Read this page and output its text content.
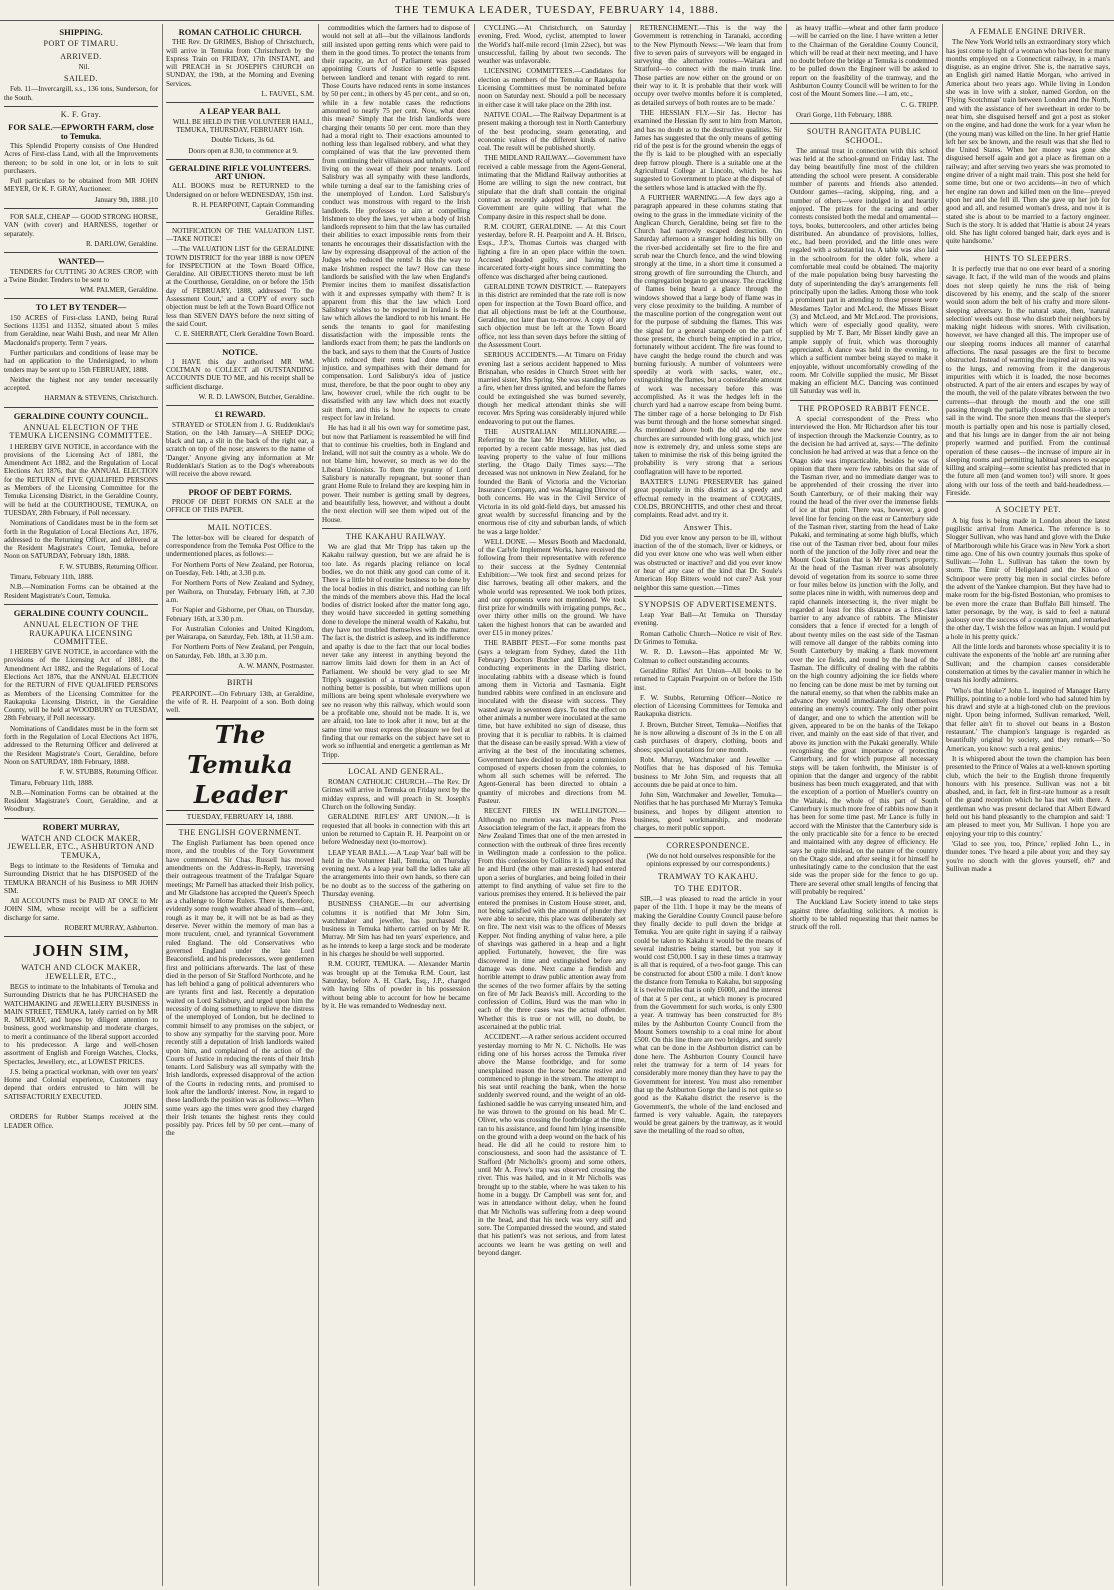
THE TEMUKA LEADER, TUESDAY, FEBRUARY 14, 1888.
SHIPPING.
PORT OF TIMARU.
ARRIVED.

Nil.

SAILED.

Feb. 11—Invercargill, s.s., 136 tons, Sunderson, for the South.

K. F. Gray.
FOR SALE.—EPWORTH FARM, close to Temuka.

This Splendid Property consists of One Hundred Acres of First-class Land, with all the Improvements thereon; to be sold in one lot, or in lots to suit purchasers.

Full particulars to be obtained from MR JOHN MEYER, Or K. F. GRAY, Auctioneer.

January 9th, 1888. j10

FOR SALE, CHEAP — GOOD STRONG HORSE, VAN (with cover) and HARNESS, together or separately.

R. DARLOW, Geraldine.

WANTED—

TENDERS for CUTTING 30 ACRES CROP, with a Twine Binder. Tenders to be sent to

WM. PALMER, Geraldine.

TO LET BY TENDER—

150 ACRES of First-class LAND, being Rural Sections 11351 and 11352, situated about 5 miles from Geraldine, near Waihi Bush, and near Mr Allen Macdonald's property. Term 7 years.

Further particulars and conditions of lease may be had on application to the Undersigned, to whom tenders may be sent up to 15th FEBRUARY, 1888.

Neither the highest nor any tender necessarily accepted.

HARMAN & STEVENS, Christchurch.

GERALDINE COUNTY COUNCIL.
ANNUAL ELECTION OF THE TEMUKA LICENSING COMMITTEE.

I HEREBY GIVE NOTICE, in accordance with the provisions of the Licensing Act of 1881, the Amendment Act 1882, and the Regulation of Local Elections Act 1876, that the ANNUAL ELECTION for the RETURN of FIVE QUALIFIED PERSONS as Members of the Licensing Committee for the Temuka Licensing District, in the Geraldine County, will be held at the COURTHOUSE, TEMUKA, on TUESDAY, 28th February, if Poll necessary.

Nominations of Candidates must be in the form set forth in the Regulation of Local Elections Act, 1876, addressed to the Returning Officer, and delivered at the Resident Magistrate's Court, Temuka, before Noon on SATURDAY, February 18th, 1888.

F. W. STUBBS, Returning Officer.

Timaru, February 11th, 1888.

N.B.—Nomination Forms can be obtained at the Resident Magistrate's Court, Temuka.

GERALDINE COUNTY COUNCIL.
ANNUAL ELECTION OF THE RAUKAPUKA LICENSING COMMITTEE.

I HEREBY GIVE NOTICE, in accordance with the provisions of the Licensing Act of 1881, the Amendment Act 1882, and the Regulations of Local Elections Act 1876, that the ANNUAL ELECTION for the RETURN of FIVE QUALIFIED PERSONS as Members of the Licensing Committee for the Raukapuka Licensing District, in the Geraldine County, will be held at WOODBURY on TUESDAY, 28th February, if Poll necessary.

Nominations of Candidates must be in the form set forth in the Regulation of Local Elections Act 1876, addressed to the Returning Officer and delivered at the Resident Magistrate's Court, Geraldine, before Noon on SATURDAY, 18th February, 1888.

F. W. STUBBS, Returning Officer.

Timaru, February 11th, 1888.

N.B.—Nomination Forms can be obtained at the Resident Magistrate's Court, Geraldine, and at Woodbury.

ROBERT MURRAY,
WATCH AND CLOCK MAKER, JEWELLER, ETC., ASHBURTON AND TEMUKA,

Begs to intimate to the Residents of Temuka and Surrounding District that he has DISPOSED of the TEMUKA BRANCH of his Business to MR JOHN SIM.

All ACCOUNTS must be PAID AT ONCE to Mr JOHN SIM, whose receipt will be a sufficient discharge for same.

ROBERT MURRAY, Ashburton.

JOHN SIM,
WATCH AND CLOCK MAKER, JEWELLER, ETC.,

BEGS to intimate to the Inhabitants of Temuka and Surrounding Districts that he has PURCHASED the WATCHMAKING and JEWELLERY BUSINESS in MAIN STREET, TEMUKA, lately carried on by MR R. MURRAY, and hopes by diligent attention to business, good workmanship and moderate charges, to merit a continuance of the liberal support accorded to his predecessor. A large and well-chosen assortment of English and Foreign Watches, Clocks, Spectacles, Jewellery, etc., at LOWEST PRICES.

J.S. being a practical workman, with over ten years' Home and Colonial experience, Customers may depend that orders entrusted to him will be SATISFACTORILY EXECUTED.

JOHN SIM.

ORDERS for Rubber Stamps received at the LEADER Office.

ROMAN CATHOLIC CHURCH.

THE Rev. Dr GRIMES, Bishop of Christchurch, will arrive in Temuka from Christchurch by the Express Train on FRIDAY, 17th INSTANT, and will PREACH in St JOSEPH'S CHURCH on SUNDAY, the 19th, at the Morning and Evening Services.

L. FAUVEL, S.M.

A LEAP YEAR BALL

WILL BE HELD IN THE VOLUNTEER HALL, TEMUKA, THURSDAY, FEBRUARY 16th.

Double Tickets, 3s 6d.

Doors open at 8.30, to commence at 9.

GERALDINE RIFLE VOLUNTEERS. ART UNION.

ALL BOOKS must be RETURNED to the Undersigned on or before WEDNESDAY, 15th inst.

R. H. PEARPOINT, Captain Commanding Geraldine Rifles.

NOTIFICATION OF THE VALUATION LIST.—TAKE NOTICE!

—The VALUATION LIST for the GERALDINE TOWN DISTRICT for the year 1888 is now OPEN for INSPECTION at the Town Board Office, Geraldine. All OBJECTIONS thereto must be left at the Courthouse, Geraldine, on or before the 15th day of FEBRUARY, 1888, addressed 'To the Assessment Court,' and a COPY of every such objection must be left at the Town Board Office not less than SEVEN DAYS before the next sitting of the said Court.

C. E. SHERRATT, Clerk Geraldine Town Board.

NOTICE.

I HAVE this day authorised MR WM. COLTMAN to COLLECT all OUTSTANDING ACCOUNTS DUE TO ME, and his receipt shall be sufficient discharge.

W. R. D. LAWSON, Butcher, Geraldine.

£1 REWARD.

STRAYED or STOLEN from J. G. Ruddenklau's Station, on the 14th January—A SHEEP DOG; black and tan, a slit in the back of the right ear, a scratch on top of the nose; answers to the name of 'Danger.' Anyone giving any information at Mr Ruddenklau's Station as to the Dog's whereabouts will receive the above reward.

PROOF OF DEBT FORMS.

PROOF OF DEBT FORMS ON SALE at the OFFICE OF THIS PAPER.

MAIL NOTICES.

The letter-box will be cleared for despatch of correspondence from the Temuka Post Office to the undermentioned places, as follows:—

For Northern Ports of New Zealand, per Rotorua, on Tuesday, Feb. 14th, at 3.30 p.m.

For Northern Ports of New Zealand and Sydney, per Waihora, on Thursday, February 16th, at 7.30 a.m.

For Napier and Gisborne, per Ohau, on Thursday, February 16th, at 3.30 p.m.

For Australian Colonies and United Kingdom, per Wairarapa, on Saturday, Feb. 18th, at 11.50 a.m.

For Northern Ports of New Zealand, per Penguin, on Saturday, Feb. 18th, at 3.30 p.m.

A. W. MANN, Postmaster.

BIRTH

PEARPOINT.—On February 13th, at Geraldine, the wife of R. H. Pearpoint of a son. Both doing well.

The Temuka Leader
TUESDAY, FEBRUARY 14, 1888.
THE ENGLISH GOVERNMENT.

The English Parliament has been opened once more, and the troubles of the Tory Government have commenced. Sir Chas. Russell has moved amendments on the Address-in-Reply, traversing their outrageous treatment of the Trafalgar Square meetings; Mr Parnell has attacked their Irish policy, and Mr Gladstone has accepted the Queen's Speech as a challenge to Home Rulers. There is, therefore, evidently some rough weather ahead of them—and, rough as it may be, it will not be as bad as they deserve. Never within the memory of man has a more truculent, cruel, and tyrannical Government ruled England. The old Conservatives who governed England under the late Lord Beaconsfield, and his predecessors, were gentlemen first and politicians afterwards. The last of these died in the person of Sir Stafford Northcote, and he has left behind a gang of political adventurers who are tyrants first and last. Recently a deputation waited on Lord Salisbury, and urged upon him the necessity of doing something to relieve the distress of the unemployed of London, but he declined to commit himself to any promises on the subject, or to show any sympathy for the starving poor. More recently still a deputation of Irish landlords waited upon him, and complained of the action of the Courts of Justice in reducing the rents of their Irish tenants. Lord Salisbury was all sympathy with the Irish landlords, expressed disapproval of the action of the Courts in reducing rents, and promised to look after the landlords' interest. Now, in regard to these landlords the position was as follows:—When some years ago the times were good they charged their Irish tenants the highest rents they could possibly pay. Prices fell by 50 per cent.—many of the

commodities which the farmers had to dispose of would not sell at all—but the villainous landlords still insisted upon getting rents which were paid to them in the good times. To protect the tenants from their rapacity, an Act of Parliament was passed appointing Courts of Justice to settle disputes between landlord and tenant with regard to rent. Those Courts have reduced rents in some instances by 50 per cent.; in others by 45 per cent., and so on, while in a few notable cases the reductions amounted to nearly 75 per cent. Now, what does this mean? Simply that the Irish landlords were charging their tenants 50 per cent. more than they had a moral right to. Their exactions amounted to nothing less than legalised robbery, and what they complained of was that the law prevented them from continuing their villainous and unholy work of living on the sweat of their poor tenants. Lord Salisbury was all sympathy with these landlords, while turning a deaf ear to the famishing cries of the unemployed of London. Lord Salisbury's conduct was monstrous with regard to the Irish landlords. He professes to aim at compelling Irishmen to obey the laws, yet when a body of Irish landlords represent to him that the law has curtailed their abilities to exact impossible rents from their tenants he encourages their dissatisfaction with the law by expressing disapproval of the action of the Judges who reduced the rents! Is this the way to make Irishmen respect the law? How can these landlords be satisfied with the law when England's Premier incites them to manifest dissatisfaction with it and expresses sympathy with them? It is apparent from this that the law which Lord Salisbury wishes to be respected in Ireland is the law which allows the landlord to rob his tenant. He sends the tenants to gaol for manifesting dissatisfaction with the impossible rents the landlords exact from them; he pats the landlords on the back, and says to them that the Courts of Justice which reduced their rents had done them an injustice, and sympathises with their demand for compensation. Lord Salisbury's idea of justice must, therefore, be that the poor ought to obey any law, however cruel, while the rich ought to be dissatisfied with any law which does not exactly suit them, and this is how he expects to create respect for law in Ireland.

He has had it all his own way for sometime past, but now that Parliament is reassembled he will find that to continue his cruelties, both in England and Ireland, will not suit the country as a whole. We do not blame him, however, so much as we do the Liberal Unionists. To them the tyranny of Lord Salisbury is naturally repugnant, but sooner than grant Home Rule to Ireland they are keeping him in power. Their number is getting small by degrees, and beautifully less, however, and without a doubt the next election will see them wiped out of the House.

THE KAKAHU RAILWAY.

We are glad that Mr Tripp has taken up the Kakahu railway question, but we are afraid he is too late. As regards placing reliance on local bodies, we do not think any good can come of it. There is a little bit of routine business to be done by the local bodies in this district, and nothing can lift the minds of the members above this. Had the local bodies of district looked after the matter long ago, they would have succeeded in getting something done to develope the mineral wealth of Kakahu, but they have not troubled themselves with the matter. The fact is, the district is asleep, and its indifference and apathy is due to the fact that our local bodies never take any interest in anything beyond the narrow limits laid down for them in an Act of Parliament. We should be very glad to see Mr Tripp's suggestion of a tramway carried out if nothing better is possible, but when millions upon millions are being spent wholesale everywhere we see no reason why this railway, which would soon be a profitable one, should not be made. It is, we are afraid, too late to look after it now, but at the same time we must express the pleasure we feel at finding that our remarks on the subject have set to work so influential and energetic a gentleman as Mr Tripp.

LOCAL AND GENERAL.

ROMAN CATHOLIC CHURCH.—The Rev. Dr Grimes will arrive in Temuka on Friday next by the midday express, and will preach in St. Joseph's Church on the following Sunday.

GERALDINE RIFLES' ART UNION.—It is requested that all books in connection with this art union be returned to Captain R. H. Pearpoint on or before Wednesday next (to-morrow).

LEAP YEAR BALL.—A 'Leap Year' ball will be held in the Volunteer Hall, Temuka, on Thursday evening next. As a leap year ball the ladies take all the arrangements into their own hands, so there can be no doubt as to the success of the gathering on Thursday evening.

BUSINESS CHANGE.—In our advertising columns it is notified that Mr John Sim, watchmaker and jeweller, has purchased the business in Temuka hitherto carried on by Mr R. Murray. Mr Sim has had ten years' experience, and as he intends to keep a large stock and be moderate in his charges he should be well supported.

R.M. COURT, TEMUKA. — Alexander Martin was brought up at the Temuka R.M. Court, last Saturday, before A. H. Clark, Esq., J.P., charged with having 5lbs of powder in his possession without being able to account for how he became by it. He was remanded to Wednesday next.

CYCLING.—At Christchurch, on Saturday evening, Fred. Wood, cyclist, attempted to lower the World's half-mile record (1min 22sec), but was unsuccessful, failing by about two seconds. The weather was unfavorable.

LICENSING COMMITTEES.—Candidates for election as members of the Temuka or Raukapuka Licensing Committees must be nominated before noon on Saturday next. Should a poll be necessary in either case it will take place on the 28th inst.

NATIVE COAL.—The Railway Department is at present making a thorough test in North Canterbury of the best producing, steam generating, and economic values of the different kinds of native coal. The result will be published shortly.

THE MIDLAND RAILWAY.—Government have received a cable message from the Agent-General, intimating that the Midland Railway authorities at Home are willing to sign the new contract, but stipulate that the draft shall contain the original contract as recently adopted by Parliament. The Government are quite willing that what the Company desire in this respect shall be done.

R.M. COURT, GERALDINE. — At this Court yesterday, before R. H. Pearpoint and A. H. Brisco, Esqs., J.P.'s, Thomas Curtois was charged with lighting a fire in an open place within the town. Accused pleaded guilty, and having been incarcerated forty-eight hours since committing the offence was discharged after being cautioned.

GERALDINE TOWN DISTRICT. — Ratepayers in this district are reminded that the rate roll is now open for inspection at the Town Board office, and that all objections must be left at the Courthouse, Geraldine, not later than to-morrow. A copy of any such objection must be left at the Town Board office, not less than seven days before the sitting of the Assessment Court.

SERIOUS ACCIDENTS.—At Timaru on Friday evening last a serious accident happened to Miss Brisnahan, who resides in Church Street with her married sister, Mrs Spring. She was standing before a fire, when her dress ignited, and before the flames could be extinguished she was burned severely, though her medical attendant thinks she will recover. Mrs Spring was considerably injured while endeavoring to put out the flames.

THE AUSTRALIAN MILLIONAIRE.—Referring to the late Mr Henry Miller, who, as reported by a recent cable message, has just died leaving property to the value of four millions sterling, the Otago Daily Times says:—'The deceased was not unknown in New Zealand, for he founded the Bank of Victoria and the Victorian Insurance Company, and was Managing Director of both concerns. He was in the Civil Service of Victoria in its old gold-field days, but amassed his great wealth by successful financing and by the enormous rise of city and suburban lands, of which he was a large holder.'

WELL DONE. — Messrs Booth and Macdonald, of the Carlyle Implement Works, have received the following from their representative with reference to their success at the Sydney Centennial Exhibition:—'We took first and second prizes for disc harrows, beating all other makers, and the whole world was represented. We took both prizes, and our opponents were not mentioned. We took first prize for windmills with irrigating pumps, &c., over thirty other mills on the ground. We have taken the highest honors that can be awarded and over £15 in money prizes.'

THE RABBIT PEST.—For some months past (says a telegram from Sydney, dated the 11th February) Doctors Butcher and Ellis have been conducting experiments in the Darling district, inoculating rabbits with a disease which is found among them in Victoria and Tasmania. Eight hundred rabbits were confined in an enclosure and inoculated with the disease with success. They wasted away in seventeen days. To test the effect on other animals a number were inoculated at the same time, but have exhibited no sign of disease, thus proving that it is peculiar to rabbits. It is claimed that the disease can be easily spread. With a view of arriving at the best of the inoculating schemes, Government have decided to appoint a commission composed of experts chosen from the colonies, to whom all such schemes will be referred. The Agent-General has been directed to obtain a quantity of microbes and directions from M. Pasteur.

RECENT FIRES IN WELLINGTON.— Although no mention was made in the Press Association telegram of the fact, it appears from the New Zealand Times that one of the men arrested in connection with the outbreak of three fires recently in Wellington made a confession to the police. From this confession by Collins it is supposed that he and Hurd (the other man arrested) had entered upon a series of burglaries, and being foiled in their attempt to find anything of value set fire to the various premises they entered. It is believed the pair entered the premises in Custom House street, and, not being satisfied with the amount of plunder they were able to secure, this place was deliberately set on fire. The next visit was to the offices of Messrs Kepper. Not finding anything of value here, a pile of shavings was gathered in a heap and a light applied. Fortunately, however, the fire was discovered in time and extinguished before any damage was done. Next came a fiendish and horrible attempt to draw public attention away from the scenes of the two former affairs by the setting on fire of Mr Jack Beavis's mill. According to the confession of Collins, Hurd was the man who in each of the three cases was the actual offender. Whether this is true or not will, no doubt, be ascertained at the public trial.

ACCIDENT.—A rather serious accident occurred yesterday morning to Mr N. C. Nicholls. He was riding one of his horses across the Temuka river above the Manse footbridge, and for some unexplained reason the horse became restive and commenced to plunge in the stream. The attempt to his seat until reaching the bank, when the horse suddenly swerved round, and the weight of an old-fashioned saddle he was carrying unseated him, and he was thrown to the ground on his head. Mr C. Oliver, who was crossing the footbridge at the time, ran to his assistance, and found him lying insensible on the ground with a deep wound on the back of his head. He did all he could to restore him to consciousness, and soon had the assistance of T. Stafford (Mr Nicholls's groom) and some others, until Mr A. Frew's trap was observed crossing the river. This was hailed, and in it Mr Nicholls was brought up to the stable, where he was taken to his home in a buggy. Dr Campbell was sent for, and was in attendance without delay, when he found that Mr Nicholls was suffering from a deep wound in the head, and that his neck was very stiff and sore. The Companied dressed the wound, and stated that his patient's was not serious, and from latest accounts we learn he was getting on well and beyond danger.

RETRENCHMENT.—This is the way the Government is retrenching in Taranaki, according to the New Plymouth News:—'We learn that from five to seven pairs of surveyors will be engaged in surveying the alternative routes—Waitara and Stratford—to connect with the main trunk line. Those parties are now either on the ground or on their way to it. It is probable that their work will occupy over twelve months before it is completed, as detailed surveys of both routes are to be made.'

THE HESSIAN FLY.—Sir Jas. Hector has examined the Hessian fly sent to him from Marton, and has no doubt as to the destructive qualities. Sir James has suggested that the only means of getting rid of the pest is for the ground wherein the eggs of the fly is laid to be ploughed with an especially deep furrow plough. There is a suitable one at the Agricultural College at Lincoln, which he has suggested to Government to place at the disposal of the settlers whose land is attacked with the fly.

A FURTHER WARNING.—A few days ago a paragraph appeared in these columns stating that owing to the grass in the immediate vicinity of the Anglican Church, Geraldine, being set fire to the Church had narrowly escaped destruction. On Saturday afternoon a stranger holding his billy on the river-bed accidentally set fire to the fire and scrub near the Church fence, and the wind blowing strongly at the time, in a short time it consumed a strong growth of fire surrounding the Church, and the congregation began to get uneasy. The crackling of flames being heard a glance through the windows showed that a large body of flame was in very close proximity to the building. A number of the masculine portion of the congregation went out for the purpose of subduing the flames. This was the signal for a general stampede on the part of those present, the church being emptied in a trice, fortunately without accident. The fire was found to have caught the hedge round the church and was burning furiously. A number of volunteers were speedily at work with sacks, water, etc., extinguishing the flames, but a considerable amount of work was necessary before this was accomplished. As it was the hedges left in the church yard had a narrow escape from being burnt. The timber rage of a horse belonging to Dr Fish was burnt through and the horse somewhat singed. As mentioned above both the old and the new churches are surrounded with long grass, which just now is extremely dry, and unless some steps are taken to minimise the risk of this being ignited the probability is very strong that a serious conflagration will have to be reported.

BAXTER'S LUNG PRESERVER has gained great popularity in this district as a speedy and effectual remedy in the treatment of COUGHS, COLDS, BRONCHITIS, and other chest and throat complaints. Read advt. and try it.

Answer This.

Did you ever know any person to be ill, without inaction of the of the stomach, liver or kidneys, or did you ever know one who was well when either was obstructed or inactive? and did you ever know or hear of any case of the kind that Dr. Soule's American Hop Bitters would not cure? Ask your neighbor this same question.—Times

SYNOPSIS OF ADVERTISEMENTS.

Leap Year Ball—At Temuka on Thursday evening.

Roman Catholic Church—Notice re visit of Rev. Dr Grimes to Temuka.

W. R. D. Lawson—Has appointed Mr W. Coltman to collect outstanding accounts.

Geraldine Rifles' Art Union—All books to be returned to Captain Pearpoint on or before the 15th inst.

F. W. Stubbs, Returning Officer—Notice re election of Licensing Committees for Temuka and Raukapuka districts.

J. Brown, Butcher Street, Temuka—Notifies that he is now allowing a discount of 3s in the £ on all cash purchases of drapery, clothing, boots and shoes; special quotations for one month.

Robt. Murray, Watchmaker and Jeweller —Notifies that he has disposed of his Temuka business to Mr John Sim, and requests that all accounts due be paid at once to him.

John Sim, Watchmaker and Jeweller, Temuka—Notifies that he has purchased Mr Murray's Temuka business, and hopes by diligent attention to business, good workmanship, and moderate charges, to merit public support.

CORRESPONDENCE.

(We do not hold ourselves responsible for the opinions expressed by our correspondents.)

TRAMWAY TO KAKAHU.
TO THE EDITOR.

SIR,—I was pleased to read the article in your paper of the 11th. I hope it may be the means of making the Geraldine County Council pause before they finally decide to pull down the bridge at Temuka. You are quite right in saying if a railway could be taken to Kakahu it would be the means of several industries being started, but you say it would cost £50,000. I say in these times a tramway is all that is required, of a two-foot gauge. This can be constructed for about £500 a mile. I don't know the distance from Temuka to Kakahu, but supposing it is twelve miles that is only £6000, and the interest of that at 5 per cent., at which money is procured from the Government for such works, is only £300 a year. A tramway has been constructed for 8½ miles by the Ashburton County Council from the Mount Somers township to a coal mine for about £500. On this line there are two bridges, and surely what can be done in the Ashburton district can be done here. The Ashburton County Council have relet the tramway for a term of 14 years for considerably more money than they have to pay the Government for interest. You must also remember that up the Ashburton Gorge the land is not quite so good as the Kakahu district the reserve is the Government's, the whole of the land enclosed and farmed is very valuable. Again, the ratepayers would be great gainers by the tramway, as it would save the metalling of the road so often,

as heavy traffic—wheat and other farm produce—will be carried on the line. I have written a letter to the Chairman of the Geraldine County Council, which will be read at their next meeting, and I have no doubt before the bridge at Temuka is condemned to be pulled down the Engineer will be asked to report on the feasibility of the tramway, and the Ashburton County Council will be written to for the cost of the Mount Somers line.—I am, etc.,

C. G. TRIPP.

Orari Gorge, 11th February, 1888.

SOUTH RANGITATA PUBLIC SCHOOL.

The annual treat in connection with this school was held at the school-ground on Friday last. The day being beautifully fine most of the children attending the school were present. A considerable number of parents and friends also attended. Outdoor games—racing, skipping, ring, and a number of others—were indulged in and heartily enjoyed. The prizes for the racing and other contests consisted both the medal and ornamental—toys, books, buttercoolers, and other articles being distributed. An abundance of provisions, lollies, etc., had been provided, and the little ones were regaled with a substantial tea. A table was also laid in the schoolroom for the older folk, where a comfortable meal could be obtained. The majority of the male population being busy harvesting the duty of superintending the day's arrangements fell principally upon the ladies. Among those who took a prominent part in attending to those present were Mesdames Taylor and McLeod, the Misses Bisset (3) and McLeod, and Mr McLeod. The provisions, which were of especially good quality, were supplied by Mr T. Barr, Mr Bisset kindly gave an ample supply of fruit, which was thoroughly appreciated. A dance was held in the evening, to which a sufficient number being stayed to make it enjoyable, without uncomfortably crowding of the room. Mr Colville supplied the music, Mr Bisset making an efficient M.C. Dancing was continued till Saturday was well in.

THE PROPOSED RABBIT FENCE.

A special correspondent of the Press who interviewed the Hon. Mr Richardson after his tour of inspection through the Mackenzie Country, as to the decision he had arrived at, says:—'The definite conclusion he had arrived at was that a fence on the Otago side was impracticable, besides he was of opinion that there were few rabbits on that side of the Tasman river, and no immediate danger was to be apprehended of their crossing the river into South Canterbury, or of their making their way round the head of the river over the immense fields of ice at that point. There was, however, a good level line for fencing on the east or Canterbury side of the Tasman river, starting from the head of Lake Pukaki, and terminating at some high bluffs, which rise out of the Tasman river bed, about four miles north of the junction of the Jolly river and near the Mount Cook Station that is Mr Burnett's property. At the head of the Tasman river was absolutely devoid of vegetation from its source to some three or four miles below its junction with the Jolly, and some places nine in width, with numerous deep and rapid channels intersecting it, the river might be regarded at least for this distance as a first-class barrier to any advance of rabbits. The Minister considers that a fence if erected for a length of about twenty miles on the east side of the Tasman will remove all danger of the rabbits coming into South Canterbury by making a flank movement over the ice fields, and round by the head of the Tasman. The difficulty of dealing with the rabbits on the high country adjoining the ice fields where no fencing can be done must be met by turning out the natural enemy, so that when the rabbits make an advance they would immediately find themselves entering an enemy's country. The only other point of danger, and one to which the attention will be given, appeared to be on the banks of the Tekapo river, and mainly on the east side of that river, and above its junction with the Pukaki generally. While recognising the great importance of protecting Canterbury, and for which purpose all necessary steps will be taken forthwith, the Minister is of opinion that the danger and urgency of the rabbit business has been much exaggerated, and that with the exception of a portion of Mueller's country on the Waitaki, the whole of this part of South Canterbury is much more free of rabbits now than it has been for some time past. Mr Lance is fully in accord with the Minister that the Canterbury side is the only practicable site for a fence to be erected and maintained with any degree of efficiency. He says he quite mislead, on the nature of the country on the Otago side, and after seeing it for himself he unhesitatingly came to the conclusion that the east side was the proper side for the fence to go up. There are several other small lengths of fencing that will probably be required.'

The Auckland Law Society intend to take steps against three defaulting solicitors. A motion is shortly to be tabled requesting that their names be struck off the roll.

A FEMALE ENGINE DRIVER.

The New York World tells an extraordinary story which has just come to light of a woman who has been for many months employed on a Connecticut railway, in a man's disguise, as an engine driver. She is, the narrative says, an English girl named Hattie Morgan, who arrived in America about two years ago. While living in London she was in love with a stoker, named Gordon, on the 'Flying Scotchman' train between London and the North, and with the assistance of her sweetheart in order to be near him, she disguised herself and got a post as stoker on the engine, and had done the work for a year when he (the young man) was killed on the line. In her grief Hattie left her sex be known, and the result was that she fled to the United States. When her money was gone she disguised herself again and got a place as fireman on a railway; and after serving two years she was promoted to engine driver of a night mail train. This post she held for some time, but one or two accidents—in two of which her engine ran down and killed men on the line—preyed upon her and she fell ill. Then she gave up her job for good and all, and resumed woman's dress, and now it is stated she is about to be married to a factory engineer. Such is the story. It is added that 'Hattie is about 24 years old. She has light colored banged hair, dark eyes and is quite handsome.'

HINTS TO SLEEPERS.

It is perfectly true that no one ever heard of a snoring savage. It fact, if the wild man of the woods and plains does not sleep quietly he runs the risk of being discovered by his enemy, and the scalp of the snorer would soon adorn the belt of his crafty and more silent-sleeping adversary. In the natural state, then, 'natural selection' weeds out those who disturb their neighbors by making night hideous with snores. With civilisation, however, we have changed all this. The improper use of our sleeping rooms induces all manner of catarrhal affections. The nasal passages are the first to become obstructed. Instead of warming the inspired air on its way to the lungs, and removing from it the dangerous impurities with which it is loaded, the nose becomes obstructed. A part of the air enters and escapes by way of the mouth, the veil of the palate vibrates between the two currents—that through the mouth and the one still passing through the partially closed nostrils—like a torn sail in the wind. The snore then means that the sleeper's mouth is partially open and his nose is partially closed, and that his lungs are in danger from the air not being properly warmed and purified. From the continual operation of these causes—the increase of impure air in sleeping rooms and permitting habitual snorers to escape killing and scalping—some scientist has predicted that in the future all men (and women too!) will snore. It goes along with our loss of the teeth and bald-headedness.—Fireside.

A SOCIETY PET.

A big fuss is being made in London about the latest pugilistic arrival from America. The reference is to Slogger Sullivan, who was hand and glove with the Duke of Marlborough while his Grace was in New York a short time ago. One of his own country journals thus spoke of Sullivan:—'John L. Sullivan has taken the town by storm. The Emir of Heligoland and the Kikoo of Schnipoor were pretty big men in social circles before the advent of the Yankee champion. But they have had to make room for the big-fisted Bostonian, who promises to be even more the craze than Buffalo Bill himself. The latter personage, by the way, is said to feel a natural jealousy over the success of a countryman, and remarked the other day, 'I wish the fellow was an Injun. I would put a hole in his pretty quick.'

All the little lords and baronets whose speciality it is to cultivate the exponents of the 'noble art' are running after Sullivan; and the champion causes considerable consternation at times by the cavalier manner in which he treats his lordly admirers.

'Who's that bloke?' John L. inquired of Manager Harry Phillips, pointing to a noble lord who had saluted him by his drawl and style at a high-toned club on the previous night. Upon being informed, Sullivan remarked, 'Well, that feller ain't fit to shovel out beans in a Boston restaurant.' The champion's language is regarded as beautifully original by society, and they remark—'So American, you know: such a real genius.'

It is whispered about the town the champion has been presented to the Prince of Wales at a well-known sporting club, which the heir to the English throne frequently honours with his presence. Sullivan was not a bit abashed, and, in fact, felt in first-rate humour as a result of the grand reception which he has met with there. A gentleman who was present declared that Albert Edward held out his hand pleasantly to the champion and said: 'I am pleased to meet you, Mr Sullivan. I hope you are enjoying your trip to this country.'

'Glad to see you, too, Prince,' replied John L., in thunder tones. 'I've heard a pile about you; and they say you're no slouch with the gloves yourself, eh?' and Sullivan made a
